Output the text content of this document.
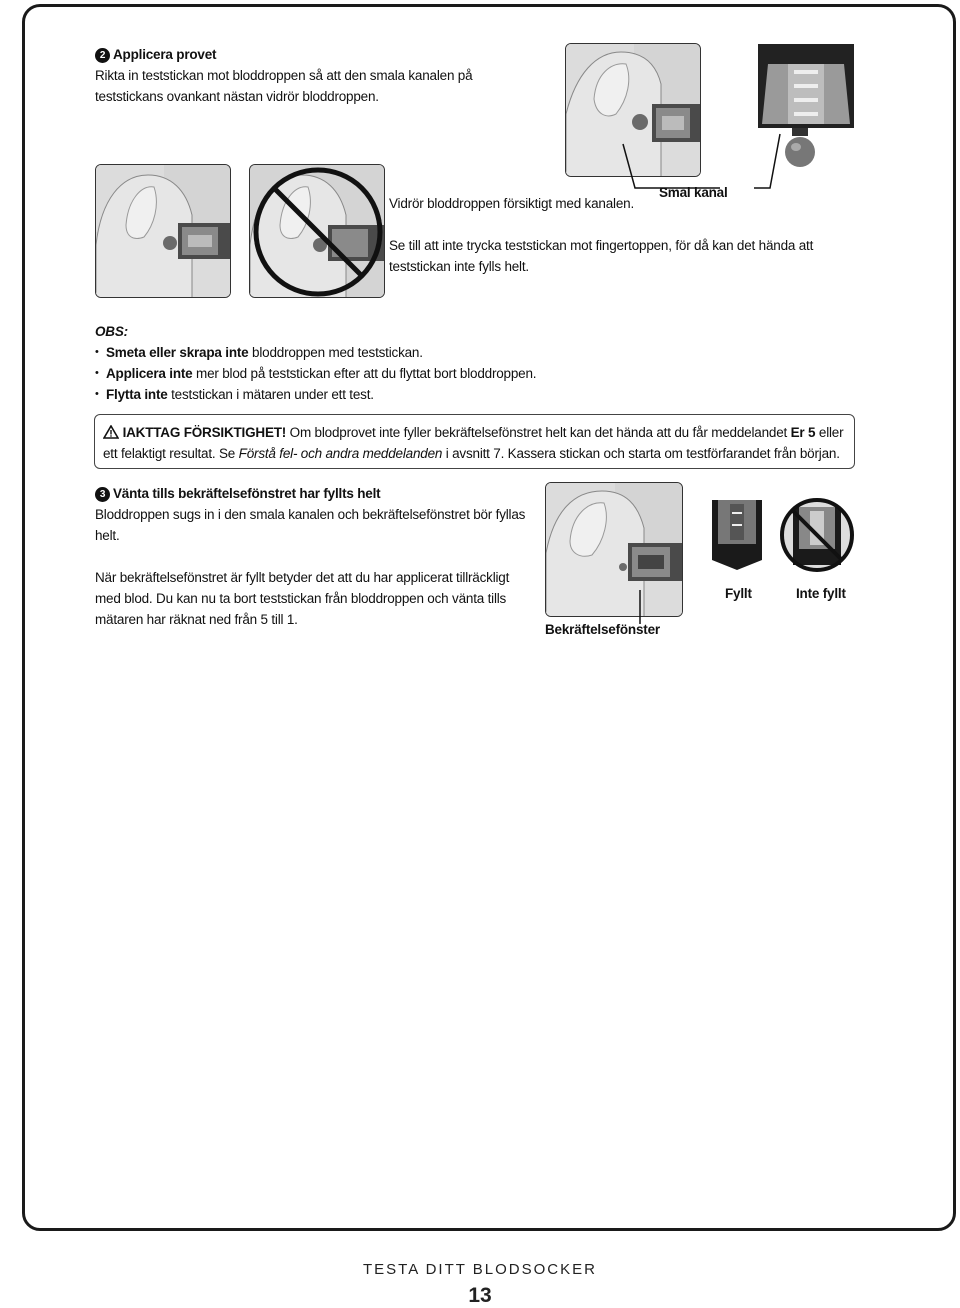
2 Applicera provet
Rikta in teststickan mot bloddroppen så att den smala kanalen på teststickans ovankant nästan vidrör bloddroppen.
Vidrör bloddroppen försiktigt med kanalen.
Smal kanal
Se till att inte trycka teststickan mot fingertoppen, för då kan det hända att teststickan inte fylls helt.
OBS:
• Smeta eller skrapa inte bloddroppen med teststickan.
• Applicera inte mer blod på teststickan efter att du flyttat bort bloddroppen.
• Flytta inte teststickan i mätaren under ett test.
IAKTTAG FÖRSIKTIGHET! Om blodprovet inte fyller bekräftelsefönstret helt kan det hända att du får meddelandet Er 5 eller ett felaktigt resultat. Se Förstå fel- och andra meddelanden i avsnitt 7. Kassera stickan och starta om testförfarandet från början.
3 Vänta tills bekräftelsefönstret har fyllts helt
Bloddroppen sugs in i den smala kanalen och bekräftelsefönstret bör fyllas helt.
När bekräftelsefönstret är fyllt betyder det att du har applicerat tillräckligt med blod. Du kan nu ta bort teststickan från bloddroppen och vänta tills mätaren har räknat ned från 5 till 1.
Bekräftelsefönster
Fyllt	Inte fyllt
TESTA DITT BLODSOCKER
13
